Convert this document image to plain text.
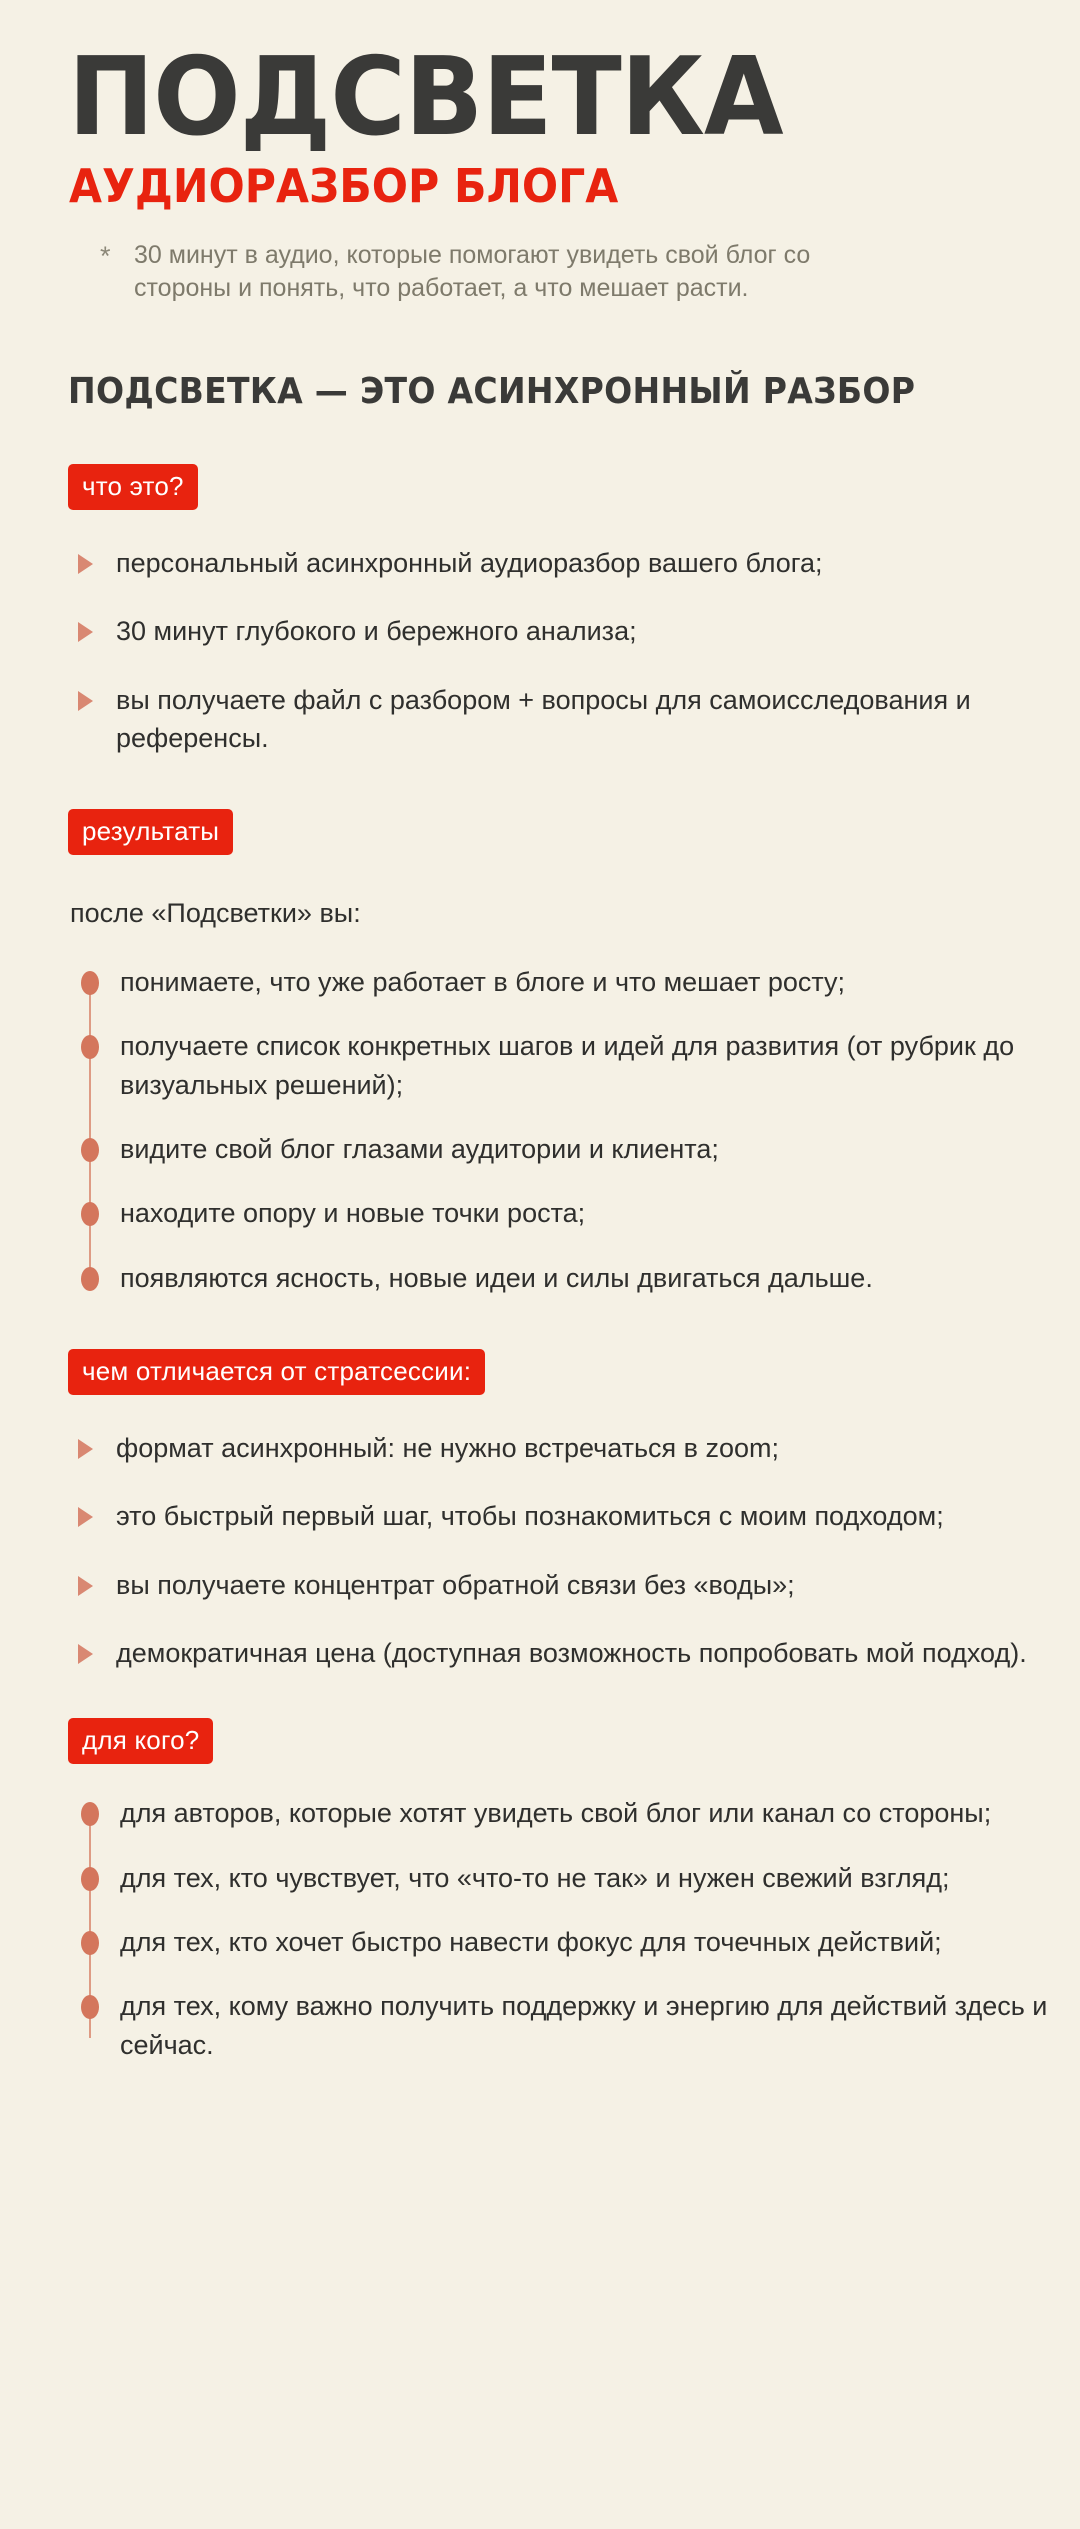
ПОДСВЕТКА
АУДИОРАЗБОР БЛОГА
* 30 минут в аудио, которые помогают увидеть свой блог со стороны и понять, что работает, а что мешает расти.
ПОДСВЕТКА — ЭТО АСИНХРОННЫЙ РАЗБОР
что это?
персональный асинхронный аудиоразбор вашего блога;
30 минут глубокого и бережного анализа;
вы получаете файл с разбором + вопросы для самоисследования и референсы.
результаты
после «Подсветки» вы:
понимаете, что уже работает в блоге и что мешает росту;
получаете список конкретных шагов и идей для развития (от рубрик до визуальных решений);
видите свой блог глазами аудитории и клиента;
находите опору и новые точки роста;
появляются ясность, новые идеи и силы двигаться дальше.
чем отличается от стратсессии:
формат асинхронный: не нужно встречаться в zoom;
это быстрый первый шаг, чтобы познакомиться с моим подходом;
вы получаете концентрат обратной связи без «воды»;
демократичная цена (доступная возможность попробовать мой подход).
для кого?
для авторов, которые хотят увидеть свой блог или канал со стороны;
для тех, кто чувствует, что «что-то не так» и нужен свежий взгляд;
для тех, кто хочет быстро навести фокус для точечных действий;
для тех, кому важно получить поддержку и энергию для действий здесь и сейчас.
